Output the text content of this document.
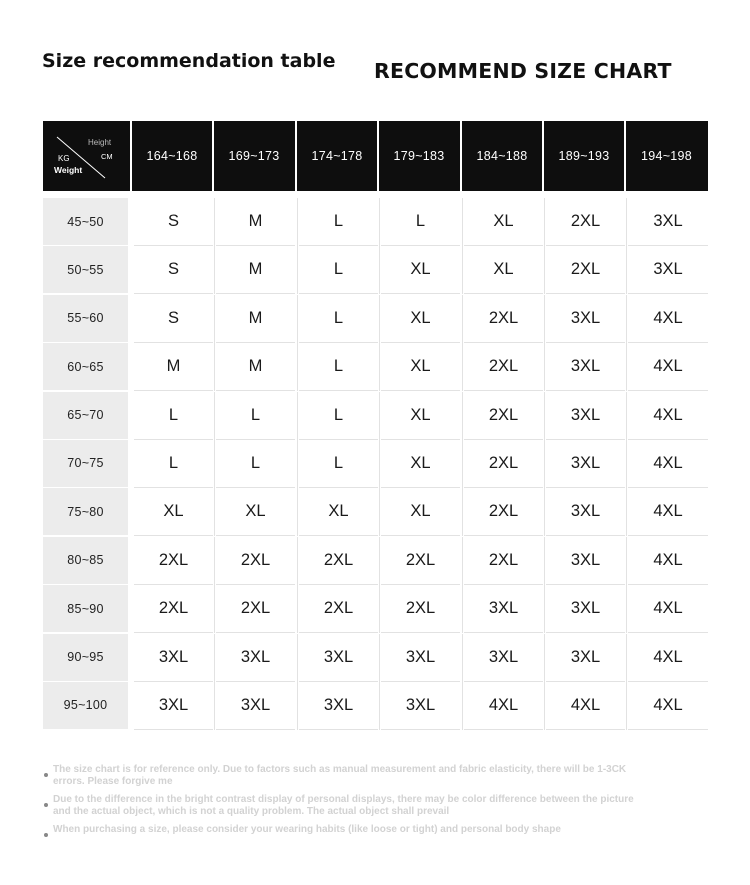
Size recommendation table RECOMMEND SIZE CHART
Height
CM
KG
Weight
164~168	169~173	174~178	179~183	184~188	189~193	194~198
45~50	S	M	L	L	XL	2XL	3XL
50~55	S	M	L	XL	XL	2XL	3XL
55~60	S	M	L	XL	2XL	3XL	4XL
60~65	M	M	L	XL	2XL	3XL	4XL
65~70	L	L	L	XL	2XL	3XL	4XL
70~75	L	L	L	XL	2XL	3XL	4XL
75~80	XL	XL	XL	XL	2XL	3XL	4XL
80~85	2XL	2XL	2XL	2XL	2XL	3XL	4XL
85~90	2XL	2XL	2XL	2XL	3XL	3XL	4XL
90~95	3XL	3XL	3XL	3XL	3XL	3XL	4XL
95~100	3XL	3XL	3XL	3XL	4XL	4XL	4XL
The size chart is for reference only. Due to factors such as manual measurement and fabric elasticity, there will be 1-3CK errors. Please forgive me
Due to the difference in the bright contrast display of personal displays, there may be color difference between the picture and the actual object, which is not a quality problem. The actual object shall prevail
When purchasing a size, please consider your wearing habits (like loose or tight) and personal body shape
